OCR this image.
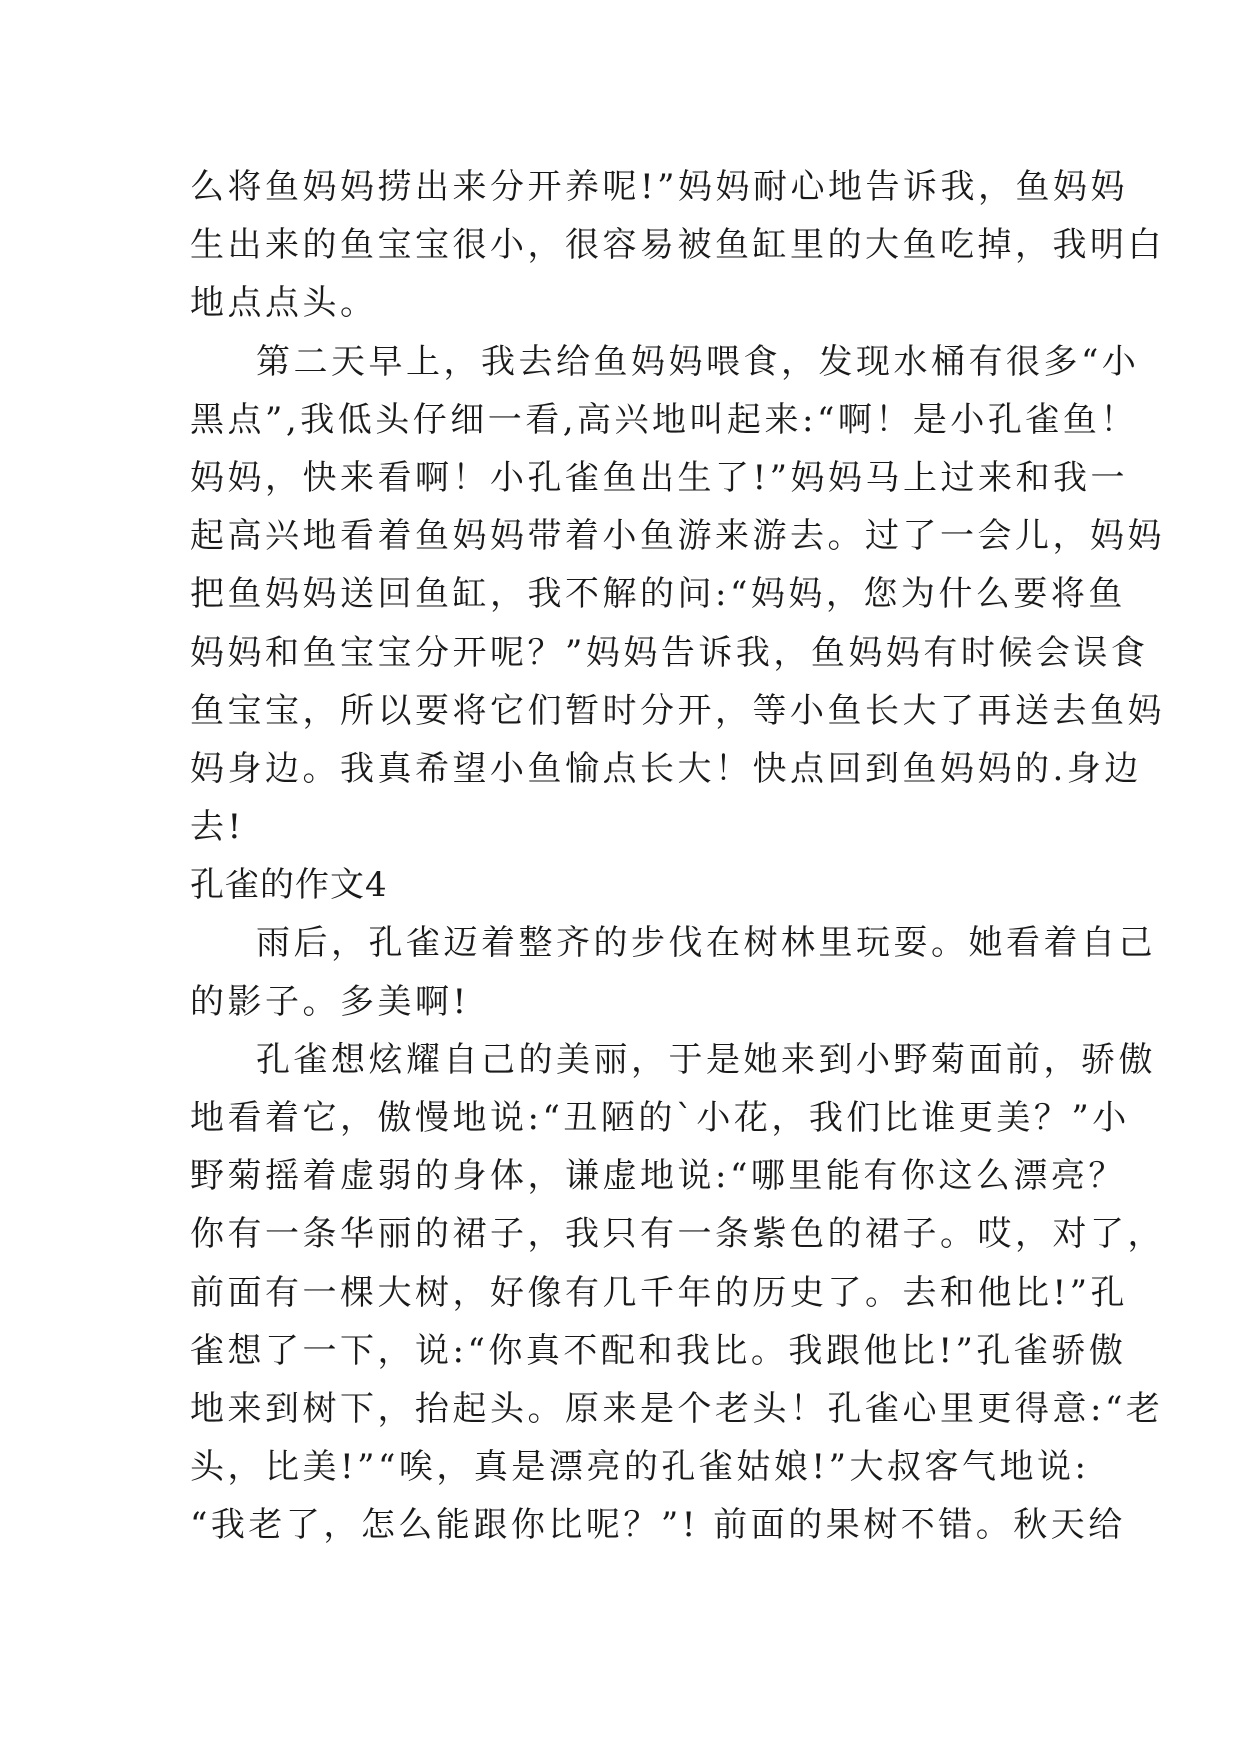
么将鱼妈妈捞出来分开养呢!”妈妈耐心地告诉我，鱼妈妈
生出来的鱼宝宝很小，很容易被鱼缸里的大鱼吃掉，我明白
地点点头。
第二天早上，我去给鱼妈妈喂食，发现水桶有很多“小
黑点”,我低头仔细一看,高兴地叫起来:“啊！是小孔雀鱼！
妈妈，快来看啊！小孔雀鱼出生了!”妈妈马上过来和我一
起高兴地看着鱼妈妈带着小鱼游来游去。过了一会儿，妈妈
把鱼妈妈送回鱼缸，我不解的问:“妈妈，您为什么要将鱼
妈妈和鱼宝宝分开呢？”妈妈告诉我，鱼妈妈有时候会误食
鱼宝宝，所以要将它们暂时分开，等小鱼长大了再送去鱼妈
妈身边。我真希望小鱼愉点长大！快点回到鱼妈妈的.身边
去!
孔雀的作文4
雨后，孔雀迈着整齐的步伐在树林里玩耍。她看着自己
的影子。多美啊!
孔雀想炫耀自己的美丽，于是她来到小野菊面前，骄傲
地看着它，傲慢地说:“丑陋的`小花，我们比谁更美？”小
野菊摇着虚弱的身体，谦虚地说:“哪里能有你这么漂亮？
你有一条华丽的裙子，我只有一条紫色的裙子。哎，对了，
前面有一棵大树，好像有几千年的历史了。去和他比!”孔
雀想了一下，说:“你真不配和我比。我跟他比!”孔雀骄傲
地来到树下，抬起头。原来是个老头！孔雀心里更得意:“老
头，比美!”“唉，真是漂亮的孔雀姑娘!”大叔客气地说:
“我老了，怎么能跟你比呢？”! 前面的果树不错。秋天给
